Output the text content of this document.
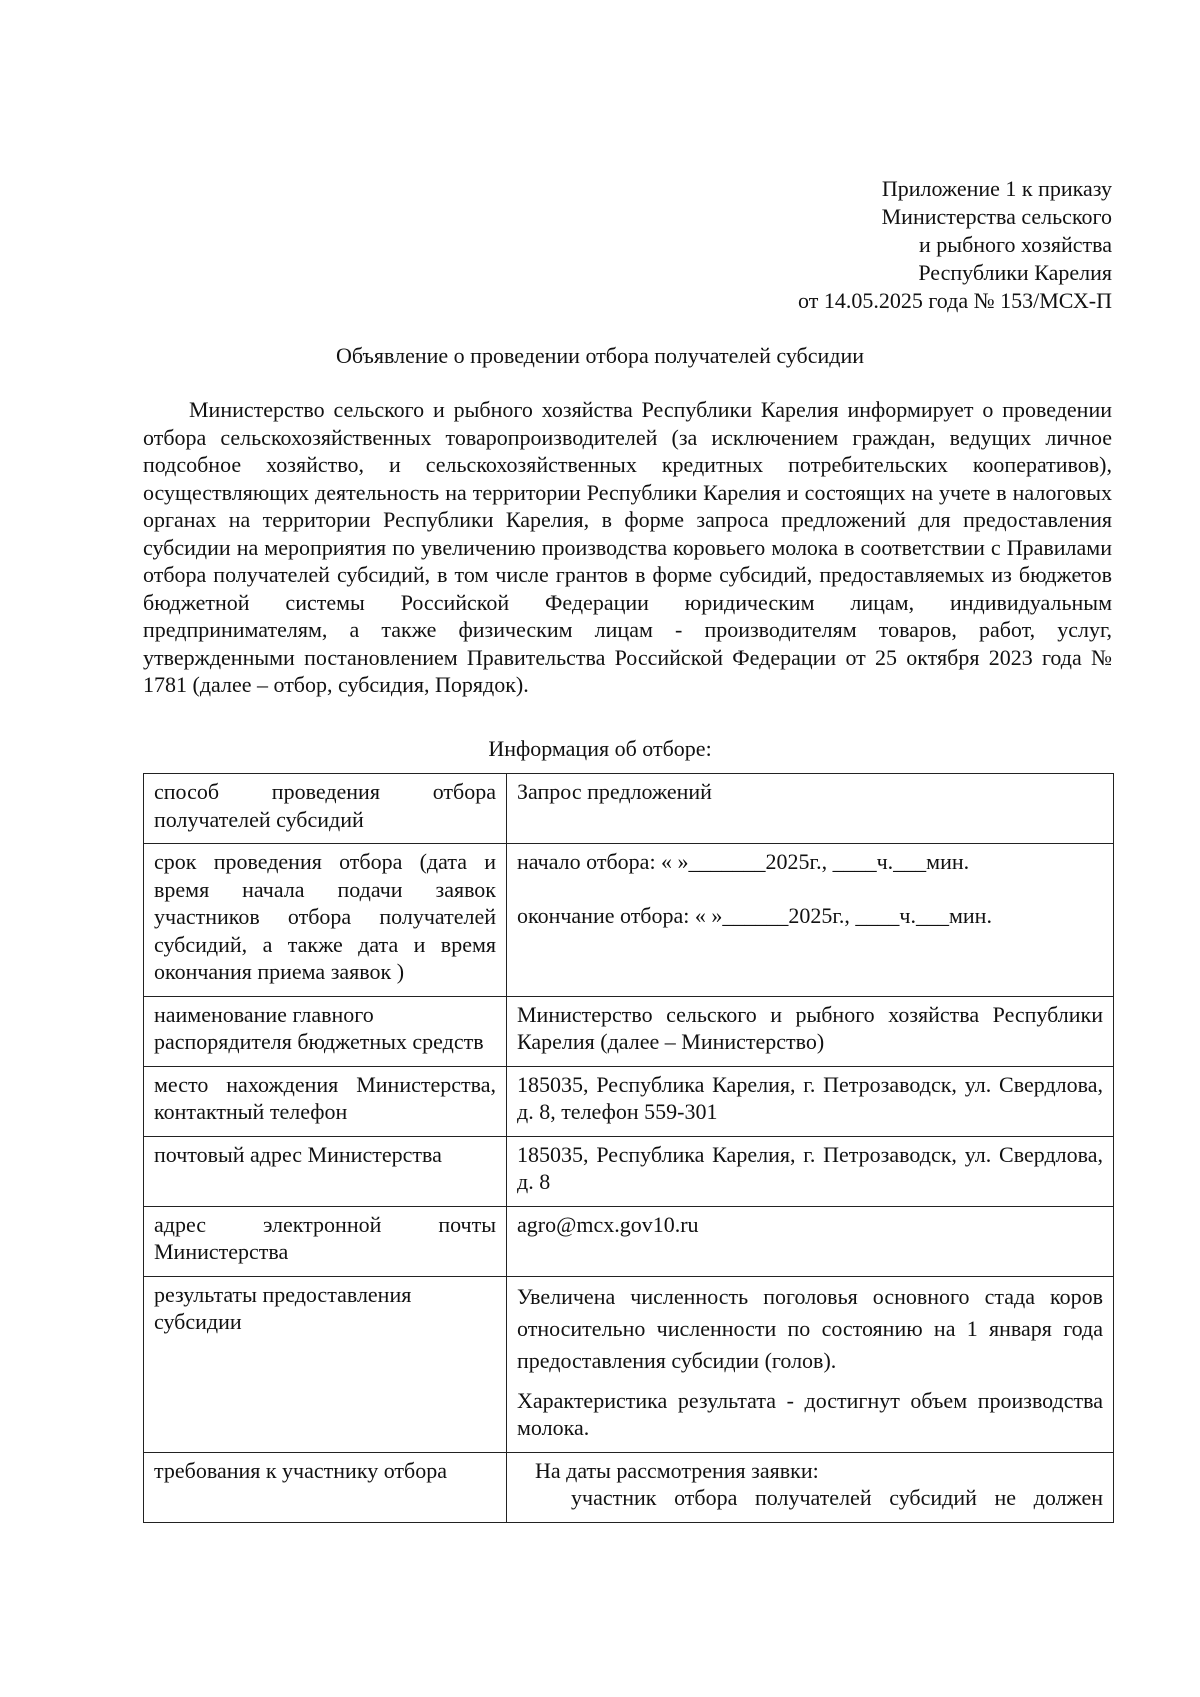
Приложение 1 к приказу
Министерства сельского
и рыбного хозяйства
Республики Карелия
от 14.05.2025 года № 153/МСХ-П
Объявление о проведении отбора получателей субсидии

Министерство сельского и рыбного хозяйства Республики Карелия информирует о проведении отбора сельскохозяйственных товаропроизводителей (за исключением граждан, ведущих личное подсобное хозяйство, и сельскохозяйственных кредитных потребительских кооперативов), осуществляющих деятельность на территории Республики Карелия и состоящих на учете в налоговых органах на территории Республики Карелия, в форме запроса предложений для предоставления субсидии на мероприятия по увеличению производства коровьего молока в соответствии с Правилами отбора получателей субсидий, в том числе грантов в форме субсидий, предоставляемых из бюджетов бюджетной системы Российской Федерации юридическим лицам, индивидуальным предпринимателям, а также физическим лицам - производителям товаров, работ, услуг, утвержденными постановлением Правительства Российской Федерации от 25 октября 2023 года № 1781 (далее – отбор, субсидия, Порядок).

Информация об отборе:
способ проведения отбора получателей субсидий	Запрос предложений
срок проведения отбора (дата и время начала подачи заявок участников отбора получателей субсидий, а также дата и время окончания приема заявок )	начало отбора: « »_______2025г., ____ч.___мин.
окончание отбора: « »______2025г., ____ч.___мин.

наименование главного распорядителя бюджетных средств	Министерство сельского и рыбного хозяйства Республики Карелия (далее – Министерство)
место нахождения Министерства, контактный телефон	185035, Республика Карелия, г. Петрозаводск, ул. Свердлова, д. 8, телефон 559-301
почтовый адрес Министерства	185035, Республика Карелия, г. Петрозаводск, ул. Свердлова, д. 8
адрес электронной почты Министерства	agro@mcx.gov10.ru
результаты предоставления субсидии	Увеличена численность поголовья основного стада коров относительно численности по состоянию на 1 января года предоставления субсидии (голов).
Характеристика результата - достигнут объем производства молока.

требования к участнику отбора	На даты рассмотрения заявки:
участник отбора получателей субсидий не должен
